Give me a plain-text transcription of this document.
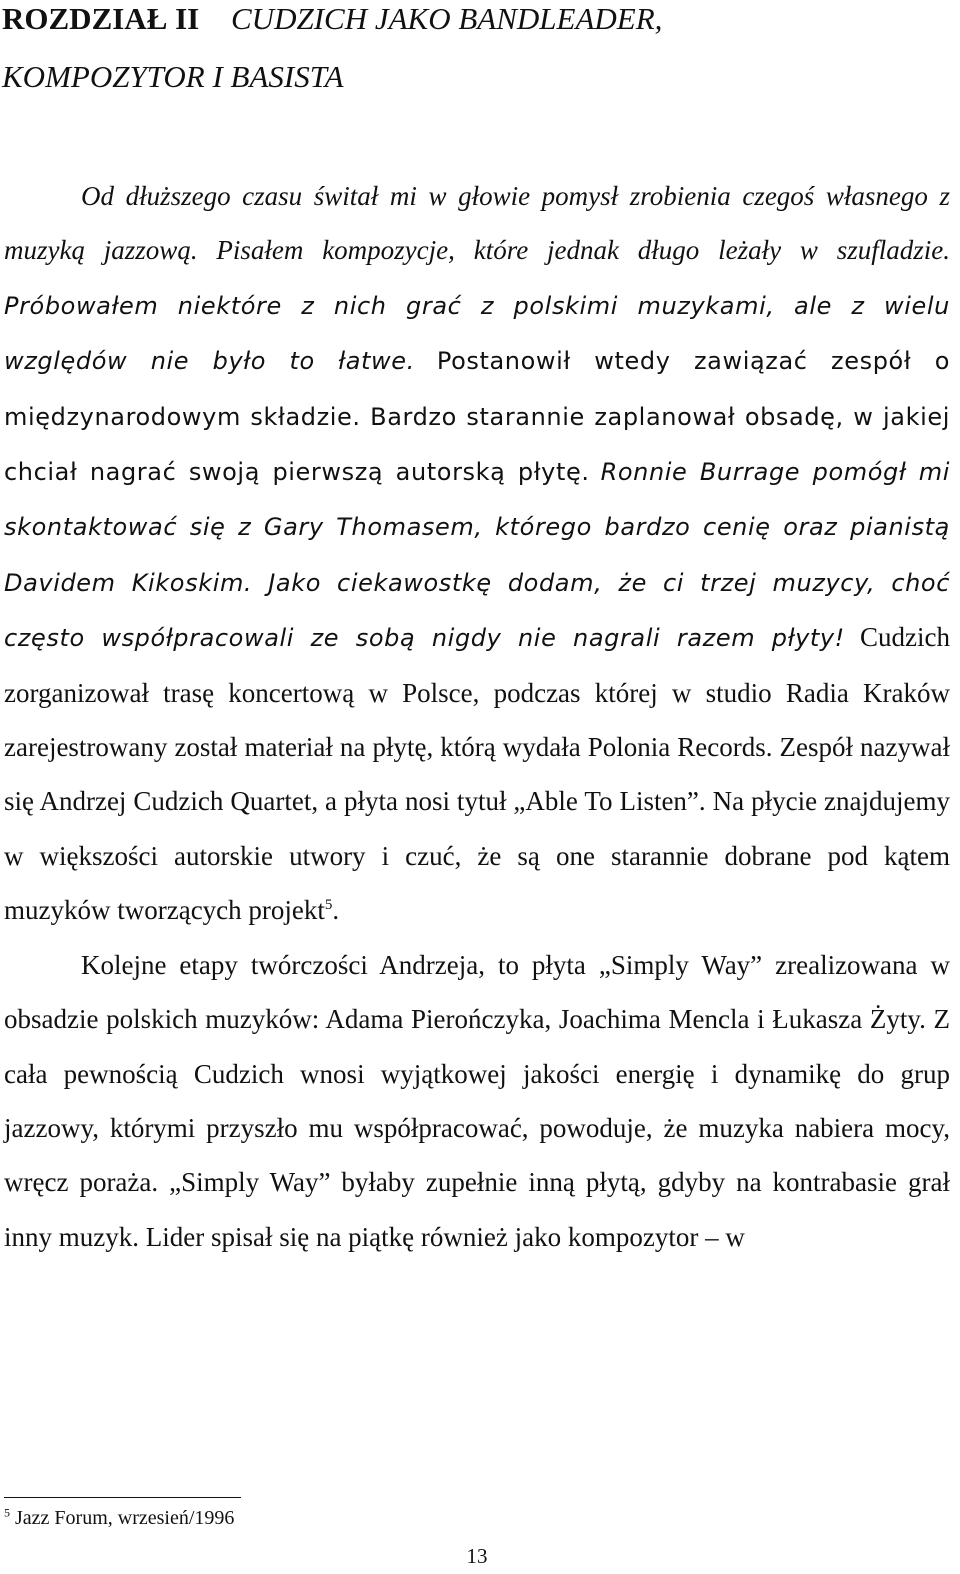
ROZDZIAŁ II CUDZICH JAKO BANDLEADER,
KOMPOZYTOR I BASISTA

Od dłuższego czasu świtał mi w głowie pomysł zrobienia czegoś własnego z muzyką jazzową. Pisałem kompozycje, które jednak długo leżały w szufladzie. Próbowałem niektóre z nich grać z polskimi muzykami, ale z wielu względów nie było to łatwe. Postanowił wtedy zawiązać zespół o międzynarodowym składzie. Bardzo starannie zaplanował obsadę, w jakiej chciał nagrać swoją pierwszą autorską płytę. Ronnie Burrage pomógł mi skontaktować się z Gary Thomasem, którego bardzo cenię oraz pianistą Davidem Kikoskim. Jako ciekawostkę dodam, że ci trzej muzycy, choć często współpracowali ze sobą nigdy nie nagrali razem płyty! Cudzich zorganizował trasę koncertową w Polsce, podczas której w studio Radia Kraków zarejestrowany został materiał na płytę, którą wydała Polonia Records. Zespół nazywał się Andrzej Cudzich Quartet, a płyta nosi tytuł „Able To Listen”. Na płycie znajdujemy w większości autorskie utwory i czuć, że są one starannie dobrane pod kątem muzyków tworzących projekt$^5$.

Kolejne etapy twórczości Andrzeja, to płyta „Simply Way” zrealizowana w obsadzie polskich muzyków: Adama Pierończyka, Joachima Mencla i Łukasza Żyty. Z cała pewnością Cudzich wnosi wyjątkowej jakości energię i dynamikę do grup jazzowy, którymi przyszło mu współpracować, powoduje, że muzyka nabiera mocy, wręcz poraża. „Simply Way” byłaby zupełnie inną płytą, gdyby na kontrabasie grał inny muzyk. Lider spisał się na piątkę również jako kompozytor – w

$^5$ Jazz Forum, wrzesień/1996
13
